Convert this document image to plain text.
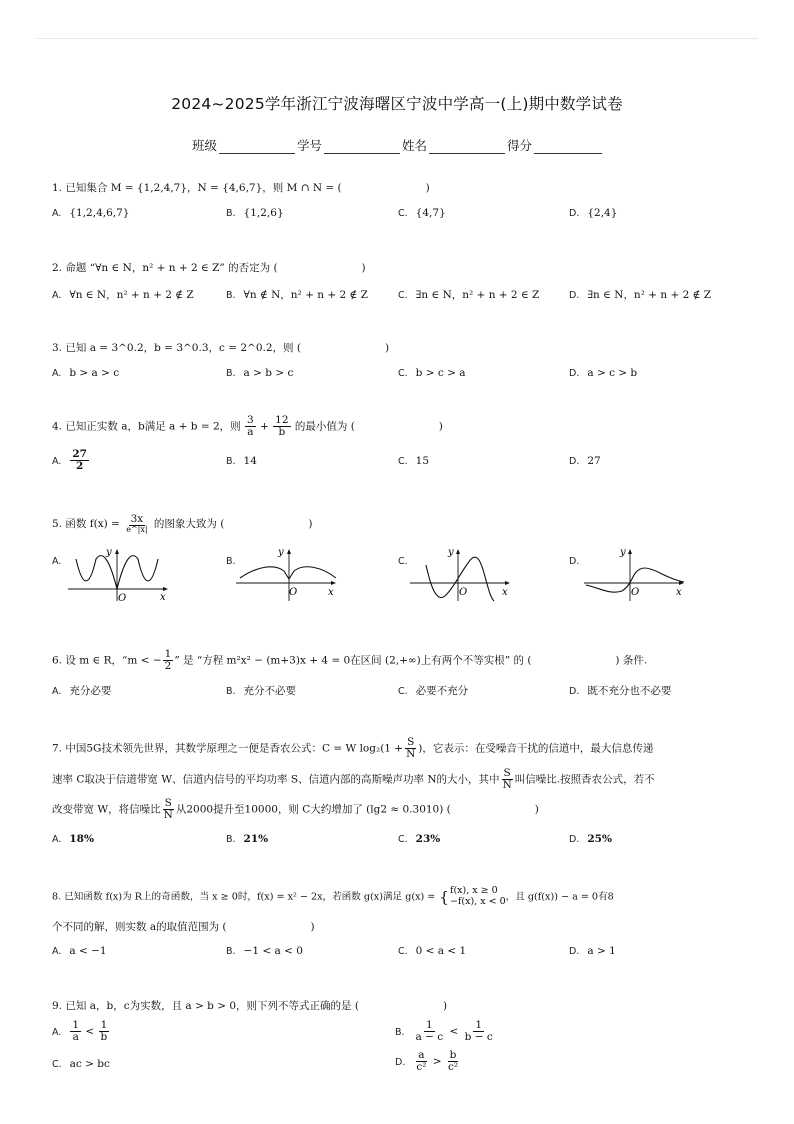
2024~2025学年浙江宁波海曙区宁波中学高一(上)期中数学试卷
班级	学号	姓名	得分
1. 已知集合 M = {1,2,4,7}，N = {4,6,7}，则 M ∩ N = (　　　　　　　　)
A. {1,2,4,6,7}	B. {1,2,6}	C. {4,7}	D. {2,4}
2. 命题 “∀n ∈ N，n² + n + 2 ∈ Z” 的否定为 (　　　　　　　　)
A. ∀n ∈ N，n² + n + 2 ∉ Z	B. ∀n ∉ N，n² + n + 2 ∉ Z	C. ∃n ∈ N，n² + n + 2 ∈ Z	D. ∃n ∈ N，n² + n + 2 ∉ Z
3. 已知 a = 3^0.2，b = 3^0.3，c = 2^0.2，则 (　　　　　　　　)
A. b > a > c	B. a > b > c	C. b > c > a	D. a > c > b
4. 已知正实数 a，b满足 a + b = 2，则 $\frac{3}{a} + \frac{12}{b}$ 的最小值为 (　　　　　　　　)
A. $\frac{27}{2}$	B. 14	C. 15	D. 27
5. 函数 $f(x) = \frac{3x}{e\^{}|x|}$ 的图象大致为 (　　　　　　　　)
A.	B.	C.	D.
y
O	x
y
O	x
y
O	x
y
O	x
6. 设 m ∈ R，“m < − $\frac{1}{2}$ ” 是 “方程 m²x² − (m+3)x + 4 = 0在区间 (2,+∞)上有两个不等实根” 的 (　　　　　　　　) 条件.
A. 充分必要	B. 充分不必要	C. 必要不充分	D. 既不充分也不必要
7. 中国5G技术领先世界，其数学原理之一便是香农公式：C = W $\log_2(1 + \frac{S}{N}$ )，它表示：在受噪音干扰的信道中，最大信息传递
速率 C取决于信道带宽 W、信道内信号的平均功率 S、信道内部的高斯噪声功率 N的大小，其中 $\frac{S}{N}$ 叫信噪比.按照香农公式，若不
改变带宽 W，将信噪比 $\frac{S}{N}$ 从2000提升至10000，则 C大约增加了 (lg2 ≈ 0.3010) (　　　　　　　　)
A. 18%	B. 21%	C. 23%	D. 25%
8. 已知函数 f(x)为 R上的奇函数，当 x ≥ 0时，f(x) = x² − 2x，若函数 g(x)满足 g(x) = { f(x), x ≥ 0
−f(x), x < 0 ，且 g(f(x)) − a = 0有8
个不同的解，则实数 a的取值范围为 (　　　　　　　　)
A. a < −1	B. −1 < a < 0	C. 0 < a < 1	D. a > 1
9. 已知 a，b，c为实数，且 a > b > 0，则下列不等式正确的是 (　　　　　　　　)
A. $\frac{1}{a} < \frac{1}{b}$	B. $\frac{1}{a - c} < \frac{1}{b - c}$
C. ac > bc	D. $\frac{a}{\text{c²}} > \frac{b}{\text{c²}}$
